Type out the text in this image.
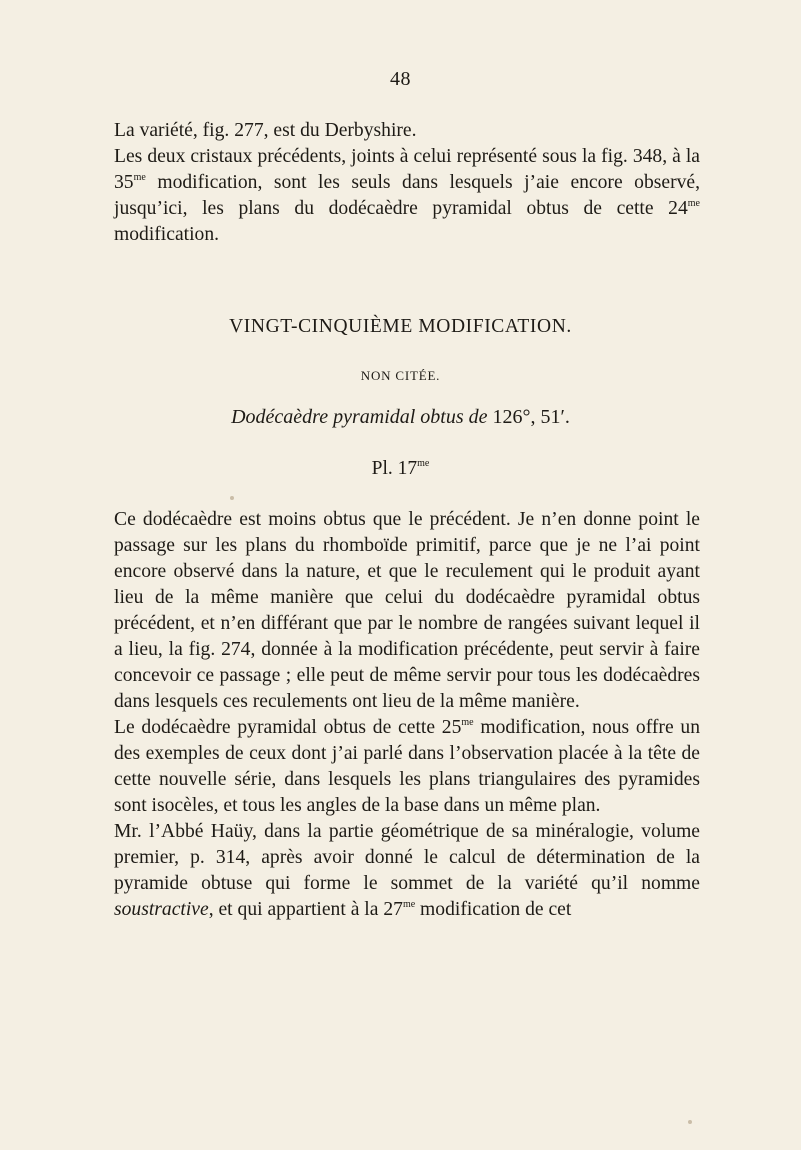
48

La variété, fig. 277, est du Derbyshire.

Les deux cristaux précédents, joints à celui représenté sous la fig. 348, à la $35^{me}$ modification, sont les seuls dans lesquels j’aie encore observé, jusqu’ici, les plans du dodécaèdre pyramidal obtus de cette $24^{me}$ modification.

VINGT-CINQUIÈME MODIFICATION.
NON CITÉE.
Dodécaèdre pyramidal obtus de 126°, 51′.
Pl. $17^{me}$

Ce dodécaèdre est moins obtus que le précédent. Je n’en donne point le passage sur les plans du rhomboïde primitif, parce que je ne l’ai point encore observé dans la nature, et que le reculement qui le produit ayant lieu de la même manière que celui du dodécaèdre pyramidal obtus précédent, et n’en différant que par le nombre de rangées suivant lequel il a lieu, la fig. 274, donnée à la modification précédente, peut servir à faire concevoir ce passage ; elle peut de même servir pour tous les dodécaèdres dans lesquels ces reculements ont lieu de la même manière.

Le dodécaèdre pyramidal obtus de cette $25^{me}$ modification, nous offre un des exemples de ceux dont j’ai parlé dans l’observation placée à la tête de cette nouvelle série, dans lesquels les plans triangulaires des pyramides sont isocèles, et tous les angles de la base dans un même plan.

Mr. l’Abbé Haüy, dans la partie géométrique de sa minéralogie, volume premier, p. 314, après avoir donné le calcul de détermination de la pyramide obtuse qui forme le sommet de la variété qu’il nomme soustractive, et qui appartient à la $27^{me}$ modification de cet
